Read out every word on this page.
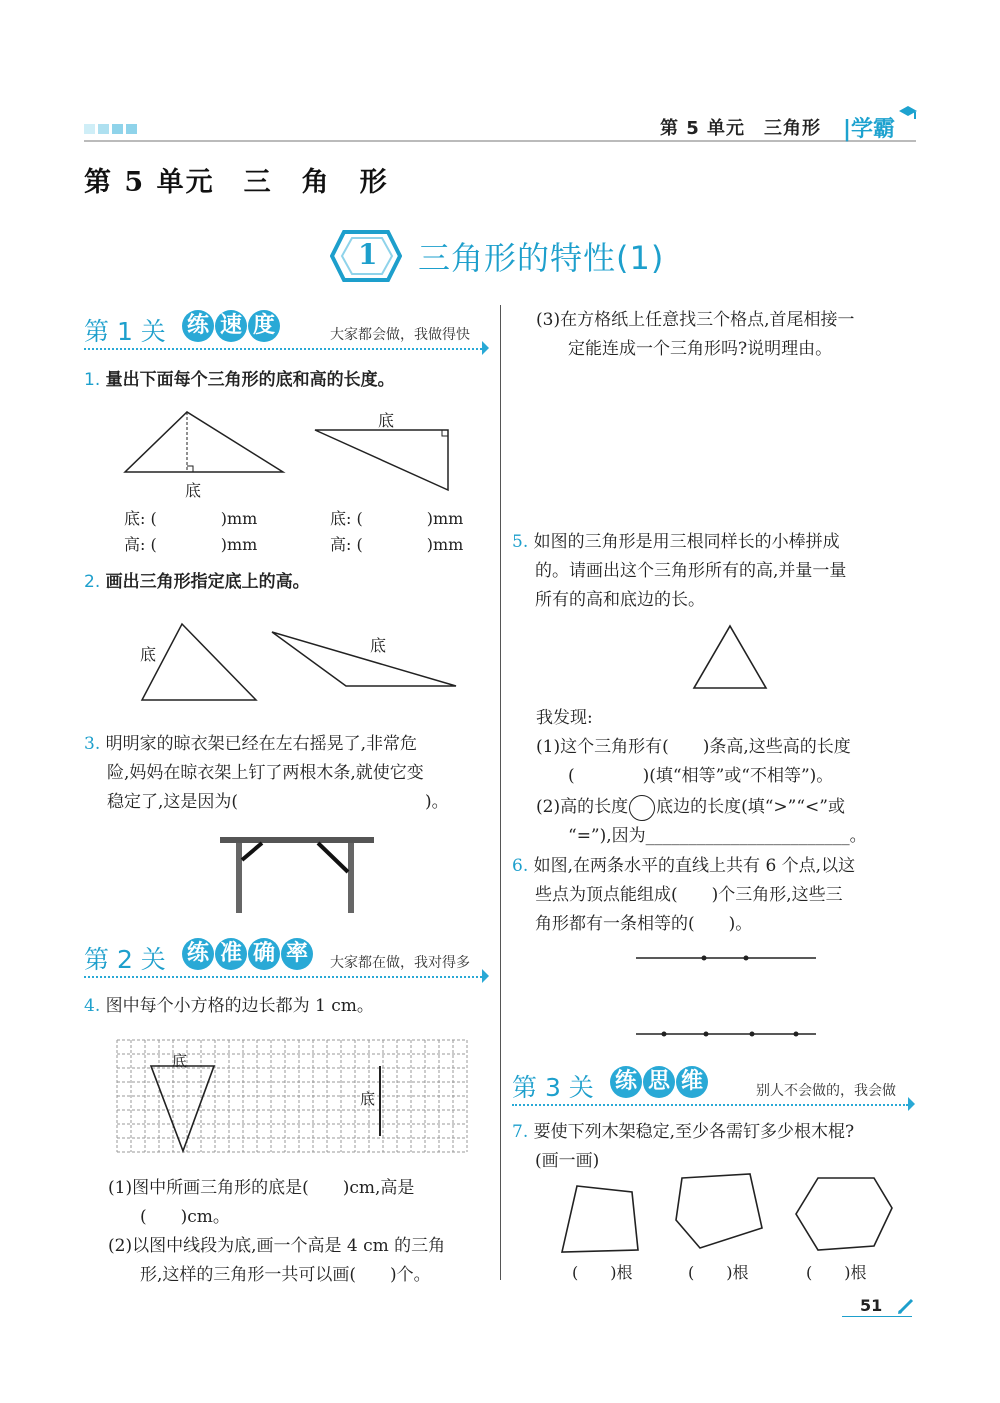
第 5 单元　三角形 |学霸
第 5 单元　三　角　形
1 三角形的特性(1)
第 1 关 练 速 度	大家都会做，我做得快
1. 量出下面每个三角形的底和高的长度。
底
底
底: (　　　　)mm
高: (　　　　)mm
底: (　　　　)mm
高: (　　　　)mm
2. 画出三角形指定底上的高。
底	底
3. 明明家的晾衣架已经在左右摇晃了,非常危
险,妈妈在晾衣架上钉了两根木条,就使它变
稳定了,这是因为(　　　　　　　　　　　)。
第 2 关 练 准 确 率	大家都在做，我对得多
4. 图中每个小方格的边长都为 1 cm。
底
底
(1)图中所画三角形的底是(　　)cm,高是
(　　)cm。
(2)以图中线段为底,画一个高是 4 cm 的三角
形,这样的三角形一共可以画(　　)个。
(3)在方格纸上任意找三个格点,首尾相接一
定能连成一个三角形吗?说明理由。
5. 如图的三角形是用三根同样长的小棒拼成
的。请画出这个三角形所有的高,并量一量
所有的高和底边的长。
我发现:
(1)这个三角形有(　　)条高,这些高的长度
(　　　　)(填“相等”或“不相等”)。
(2)高的长度 底边的长度(填“>”“<”或
“=”),因为________________________。
6. 如图,在两条水平的直线上共有 6 个点,以这
些点为顶点能组成(　　)个三角形,这些三
角形都有一条相等的(　　)。
第 3 关 练 思 维	别人不会做的，我会做
7. 要使下列木架稳定,至少各需钉多少根木棍?
(画一画)
(　　)根	(　　)根	(　　)根
51
